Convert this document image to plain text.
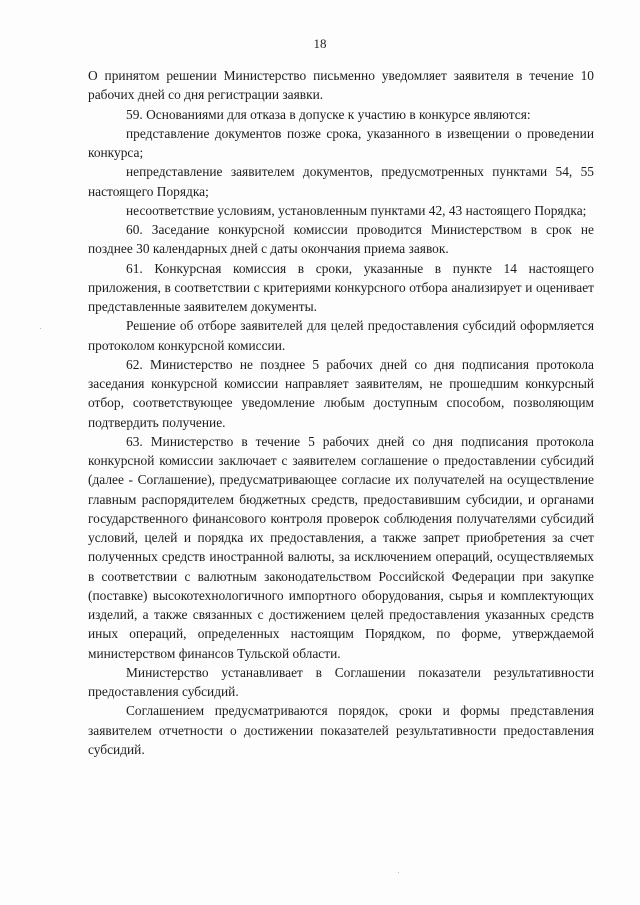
18

О принятом решении Министерство письменно уведомляет заявителя в течение 10 рабочих дней со дня регистрации заявки.

59. Основаниями для отказа в допуске к участию в конкурсе являются:

представление документов позже срока, указанного в извещении о проведении конкурса;

непредставление заявителем документов, предусмотренных пунктами 54, 55 настоящего Порядка;

несоответствие условиям, установленным пунктами 42, 43 настоящего Порядка;

60. Заседание конкурсной комиссии проводится Министерством в срок не позднее 30 календарных дней с даты окончания приема заявок.

61. Конкурсная комиссия в сроки, указанные в пункте 14 настоящего приложения, в соответствии с критериями конкурсного отбора анализирует и оценивает представленные заявителем документы.

Решение об отборе заявителей для целей предоставления субсидий оформляется протоколом конкурсной комиссии.

62. Министерство не позднее 5 рабочих дней со дня подписания протокола заседания конкурсной комиссии направляет заявителям, не прошедшим конкурсный отбор, соответствующее уведомление любым доступным способом, позволяющим подтвердить получение.

63. Министерство в течение 5 рабочих дней со дня подписания протокола конкурсной комиссии заключает с заявителем соглашение о предоставлении субсидий (далее - Соглашение), предусматривающее согласие их получателей на осуществление главным распорядителем бюджетных средств, предоставившим субсидии, и органами государственного финансового контроля проверок соблюдения получателями субсидий условий, целей и порядка их предоставления, а также запрет приобретения за счет полученных средств иностранной валюты, за исключением операций, осуществляемых в соответствии с валютным законодательством Российской Федерации при закупке (поставке) высокотехнологичного импортного оборудования, сырья и комплектующих изделий, а также связанных с достижением целей предоставления указанных средств иных операций, определенных настоящим Порядком, по форме, утверждаемой министерством финансов Тульской области.

Министерство устанавливает в Соглашении показатели результативности предоставления субсидий.

Соглашением предусматриваются порядок, сроки и формы представления заявителем отчетности о достижении показателей результативности предоставления субсидий.
